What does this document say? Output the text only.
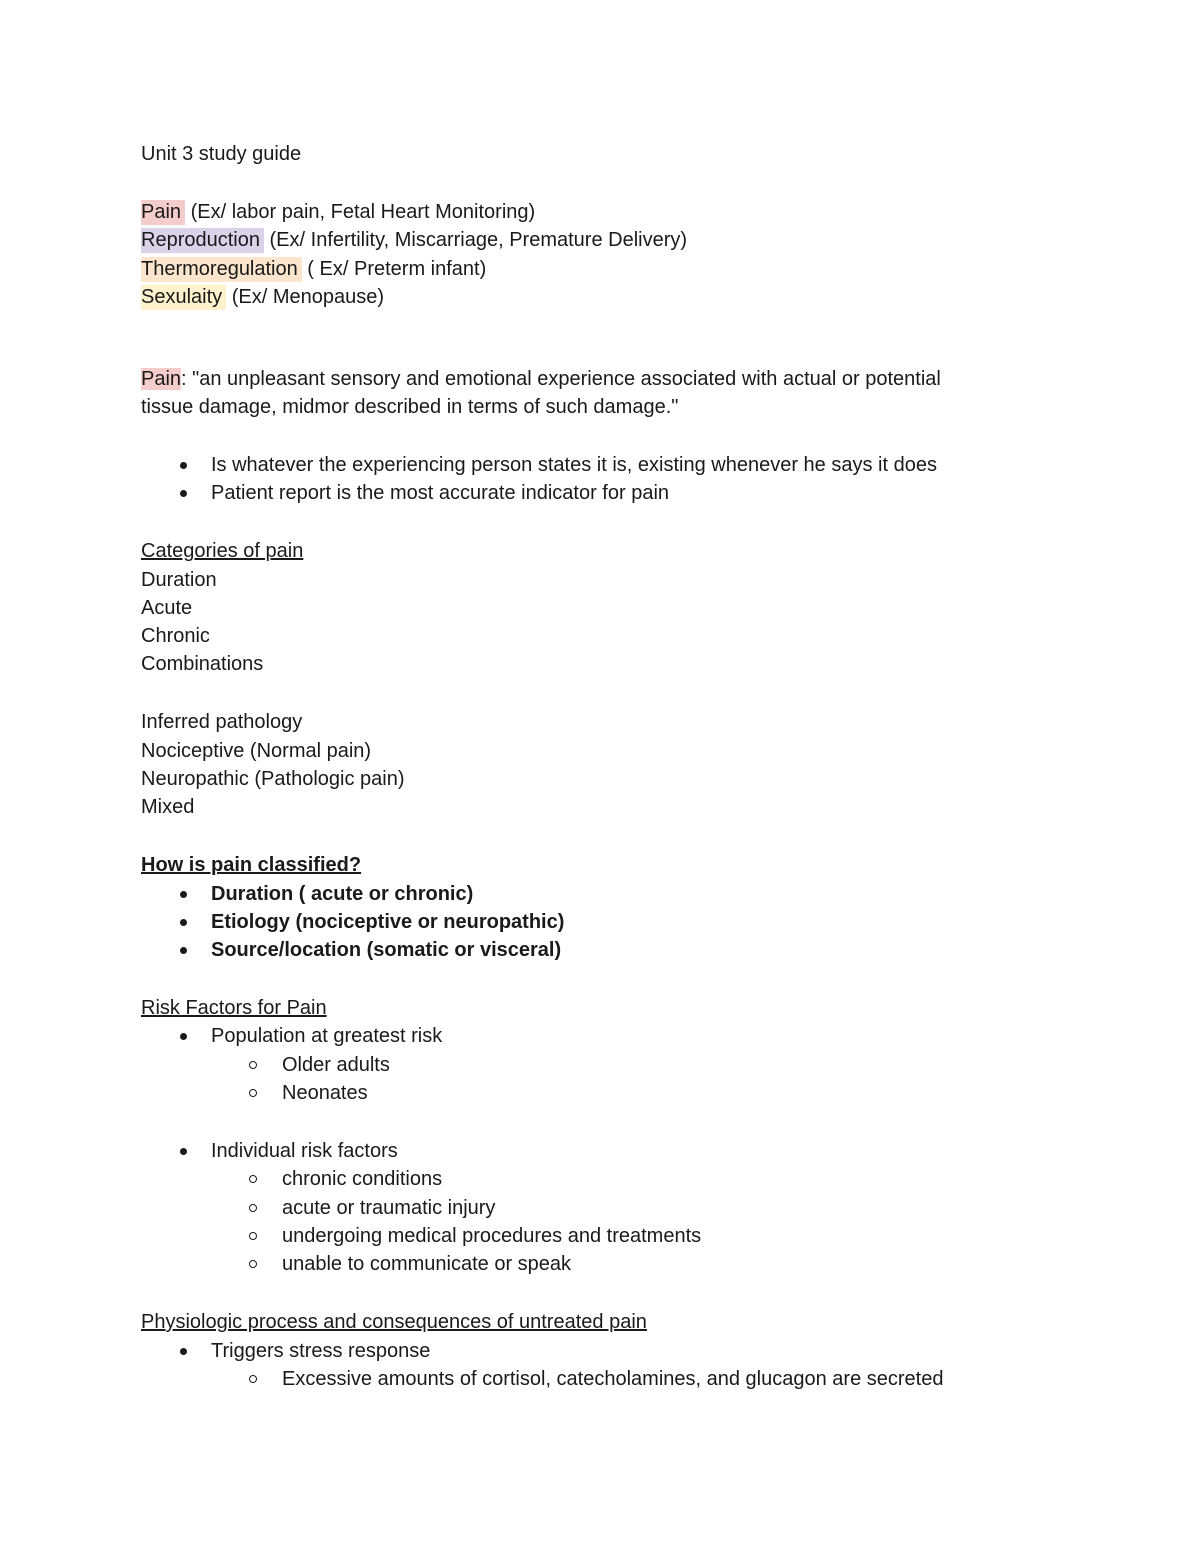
Unit 3 study guide
Pain (Ex/ labor pain, Fetal Heart Monitoring)
Reproduction (Ex/ Infertility, Miscarriage, Premature Delivery)
Thermoregulation ( Ex/ Preterm infant)
Sexulaity (Ex/ Menopause)
Pain: "an unpleasant sensory and emotional experience associated with actual or potential
tissue damage, midmor described in terms of such damage."
Is whatever the experiencing person states it is, existing whenever he says it does
Patient report is the most accurate indicator for pain
Categories of pain
Duration
Acute
Chronic
Combinations
Inferred pathology
Nociceptive (Normal pain)
Neuropathic (Pathologic pain)
Mixed
How is pain classified?
Duration ( acute or chronic)
Etiology (nociceptive or neuropathic)
Source/location (somatic or visceral)
Risk Factors for Pain
Population at greatest risk
Older adults
Neonates
Individual risk factors
chronic conditions
acute or traumatic injury
undergoing medical procedures and treatments
unable to communicate or speak
Physiologic process and consequences of untreated pain
Triggers stress response
Excessive amounts of cortisol, catecholamines, and glucagon are secreted
